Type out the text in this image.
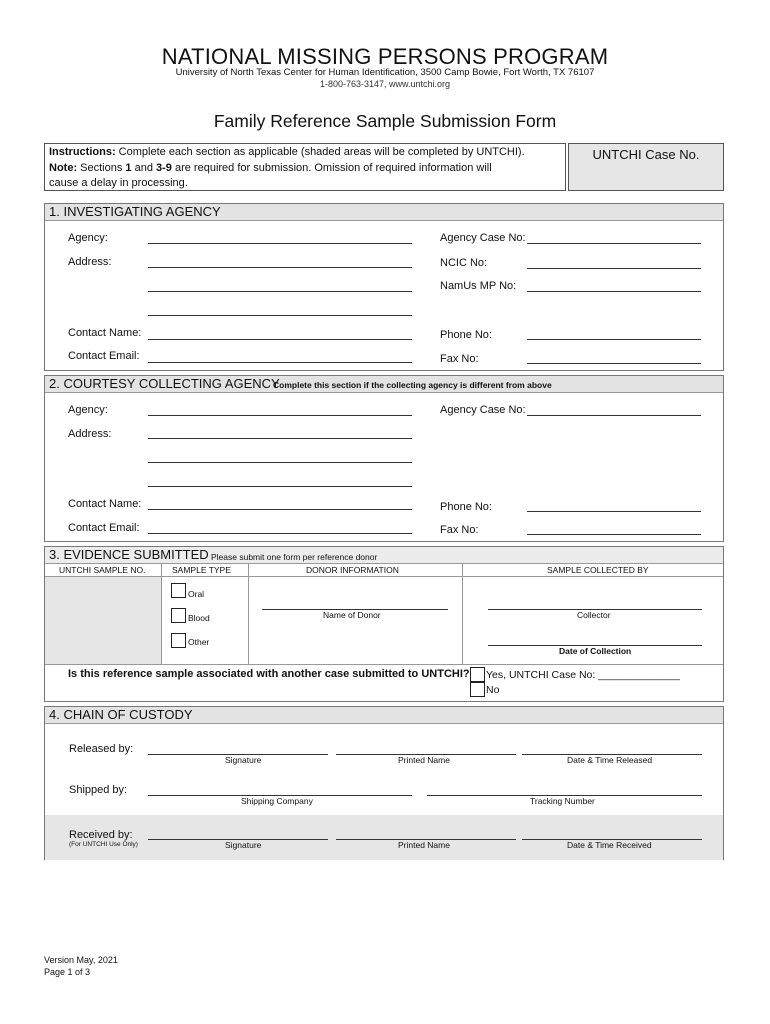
NATIONAL MISSING PERSONS PROGRAM
University of North Texas Center for Human Identification, 3500 Camp Bowie, Fort Worth, TX 76107
1-800-763-3147, www.untchi.org
Family Reference Sample Submission Form
Instructions: Complete each section as applicable (shaded areas will be completed by UNTCHI).
Note: Sections 1 and 3-9 are required for submission. Omission of required information will
cause a delay in processing.
UNTCHI Case No.
1. INVESTIGATING AGENCY
Agency:
Address:
Contact Name:
Contact Email:
Agency Case No:
NCIC No:
NamUs MP No:
Phone No:
Fax No:
2. COURTESY COLLECTING AGENCY
Complete this section if the collecting agency is different from above
Agency:
Address:
Contact Name:
Contact Email:
Agency Case No:
Phone No:
Fax No:
3. EVIDENCE SUBMITTED Please submit one form per reference donor
UNTCHI SAMPLE NO.	SAMPLE TYPE	DONOR INFORMATION	SAMPLE COLLECTED BY
Oral
Blood
Other
Name of Donor	Collector
Date of Collection
Is this reference sample associated with another case submitted to UNTCHI? Yes, UNTCHI Case No: ______________
No
4. CHAIN OF CUSTODY
Released by:
Signature	Printed Name	Date & Time Released
Shipped by:
Shipping Company	Tracking Number
Received by:
(For UNTCHI Use Only)	Signature	Printed Name	Date & Time Received
Version May, 2021
Page 1 of 3
